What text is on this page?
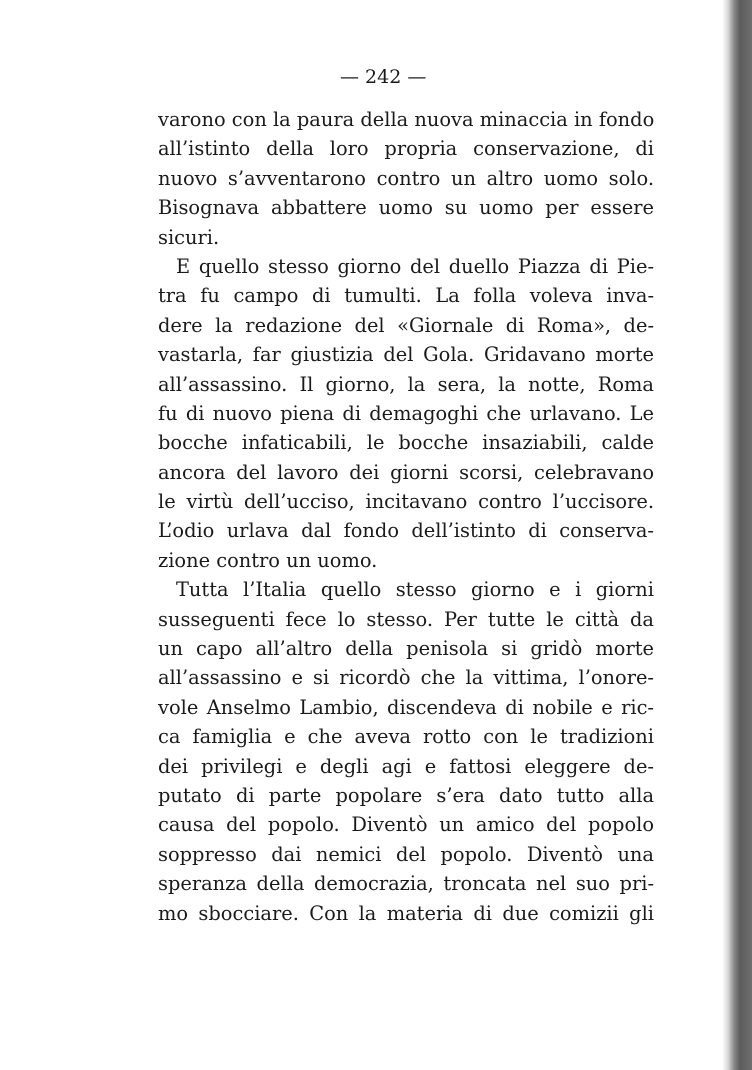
— 242 —
varono con la paura della nuova minaccia in fondo
all’istinto della loro propria conservazione, di
nuovo s’avventarono contro un altro uomo solo.
Bisognava abbattere uomo su uomo per essere
sicuri.
E quello stesso giorno del duello Piazza di Pie-
tra fu campo di tumulti. La folla voleva inva-
dere la redazione del «Giornale di Roma», de-
vastarla, far giustizia del Gola. Gridavano morte
all’assassino. Il giorno, la sera, la notte, Roma
fu di nuovo piena di demagoghi che urlavano. Le
bocche infaticabili, le bocche insaziabili, calde
ancora del lavoro dei giorni scorsi, celebravano
le virtù dell’ucciso, incitavano contro l’uccisore.
L’odio urlava dal fondo dell’istinto di conserva-
zione contro un uomo.
Tutta l’Italia quello stesso giorno e i giorni
susseguenti fece lo stesso. Per tutte le città da
un capo all’altro della penisola si gridò morte
all’assassino e si ricordò che la vittima, l’onore-
vole Anselmo Lambio, discendeva di nobile e ric-
ca famiglia e che aveva rotto con le tradizioni
dei privilegi e degli agi e fattosi eleggere de-
putato di parte popolare s’era dato tutto alla
causa del popolo. Diventò un amico del popolo
soppresso dai nemici del popolo. Diventò una
speranza della democrazia, troncata nel suo pri-
mo sbocciare. Con la materia di due comizii gli
